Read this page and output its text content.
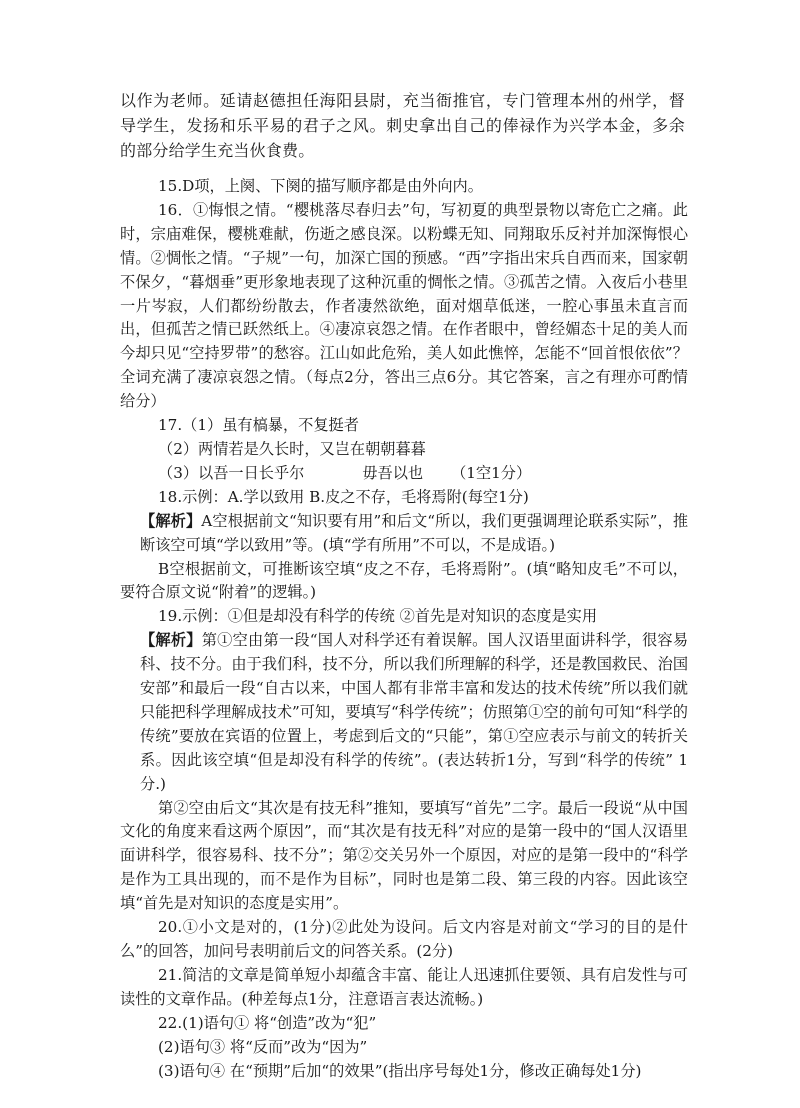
以作为老师。延请赵德担任海阳县尉，充当衙推官，专门管理本州的州学，督导学生，发扬和乐平易的君子之风。刺史拿出自己的俸禄作为兴学本金，多余的部分给学生充当伙食费。

15.D项，上阕、下阕的描写顺序都是由外向内。

16．①悔恨之情。“樱桃落尽春归去”句，写初夏的典型景物以寄危亡之痛。此时，宗庙难保，樱桃难献，伤逝之感良深。以粉蝶无知、同翔取乐反衬并加深悔恨心情。②惆怅之情。“子规”一句，加深亡国的预感。“西”字指出宋兵自西而来，国家朝不保夕，“暮烟垂”更形象地表现了这种沉重的惆怅之情。③孤苦之情。入夜后小巷里一片岑寂，人们都纷纷散去，作者凄然欲绝，面对烟草低迷，一腔心事虽未直言而出，但孤苦之情已跃然纸上。④凄凉哀怨之情。在作者眼中，曾经媚态十足的美人而今却只见“空持罗带”的愁容。江山如此危殆，美人如此憔悴，怎能不“回首恨依依”？全词充满了凄凉哀怨之情。（每点2分，答出三点6分。其它答案，言之有理亦可酌情给分）

17.（1）虽有槁暴，不复挺者

（2）两情若是久长时，又岂在朝朝暮暮

（3）以吾一日长乎尔	毋吾以也 （1空1分）

18.示例：A.学以致用 B.皮之不存，毛将焉附(每空1分)

【解析】A空根据前文“知识要有用”和后文“所以，我们更强调理论联系实际”，推断该空可填“学以致用”等。(填“学有所用”不可以，不是成语。)

B空根据前文，可推断该空填“皮之不存，毛将焉附”。(填“略知皮毛”不可以，要符合原文说“附着”的逻辑。)

19.示例：①但是却没有科学的传统 ②首先是对知识的态度是实用

【解析】第①空由第一段“国人对科学还有着误解。国人汉语里面讲科学，很容易科、技不分。由于我们科，技不分，所以我们所理解的科学，还是教国救民、治国安部”和最后一段“自古以来，中国人都有非常丰富和发达的技术传统”所以我们就只能把科学理解成技术”可知，要填写“科学传统”；仿照第①空的前句可知“科学的传统”要放在宾语的位置上，考虑到后文的“只能”，第①空应表示与前文的转折关系。因此该空填“但是却没有科学的传统”。(表达转折1分，写到“科学的传统” 1分.)

第②空由后文“其次是有技无科”推知，要填写“首先”二字。最后一段说“从中国文化的角度来看这两个原因”，而“其次是有技无科”对应的是第一段中的“国人汉语里面讲科学，很容易科、技不分”；第②交关另外一个原因，对应的是第一段中的“科学是作为工具出现的，而不是作为目标”，同时也是第二段、第三段的内容。因此该空填“首先是对知识的态度是实用”。

20.①小文是对的，(1分)②此处为设问。后文内容是对前文“学习的目的是什么”的回答，加问号表明前后文的问答关系。(2分)

21.简洁的文章是简单短小却蕴含丰富、能让人迅速抓住要领、具有启发性与可读性的文章作品。(种差每点1分，注意语言表达流畅。)

22.(1)语句① 将“创造”改为“犯”

(2)语句③ 将“反而”改为“因为”

(3)语句④ 在“预期”后加“的效果”(指出序号每处1分，修改正确每处1分)
